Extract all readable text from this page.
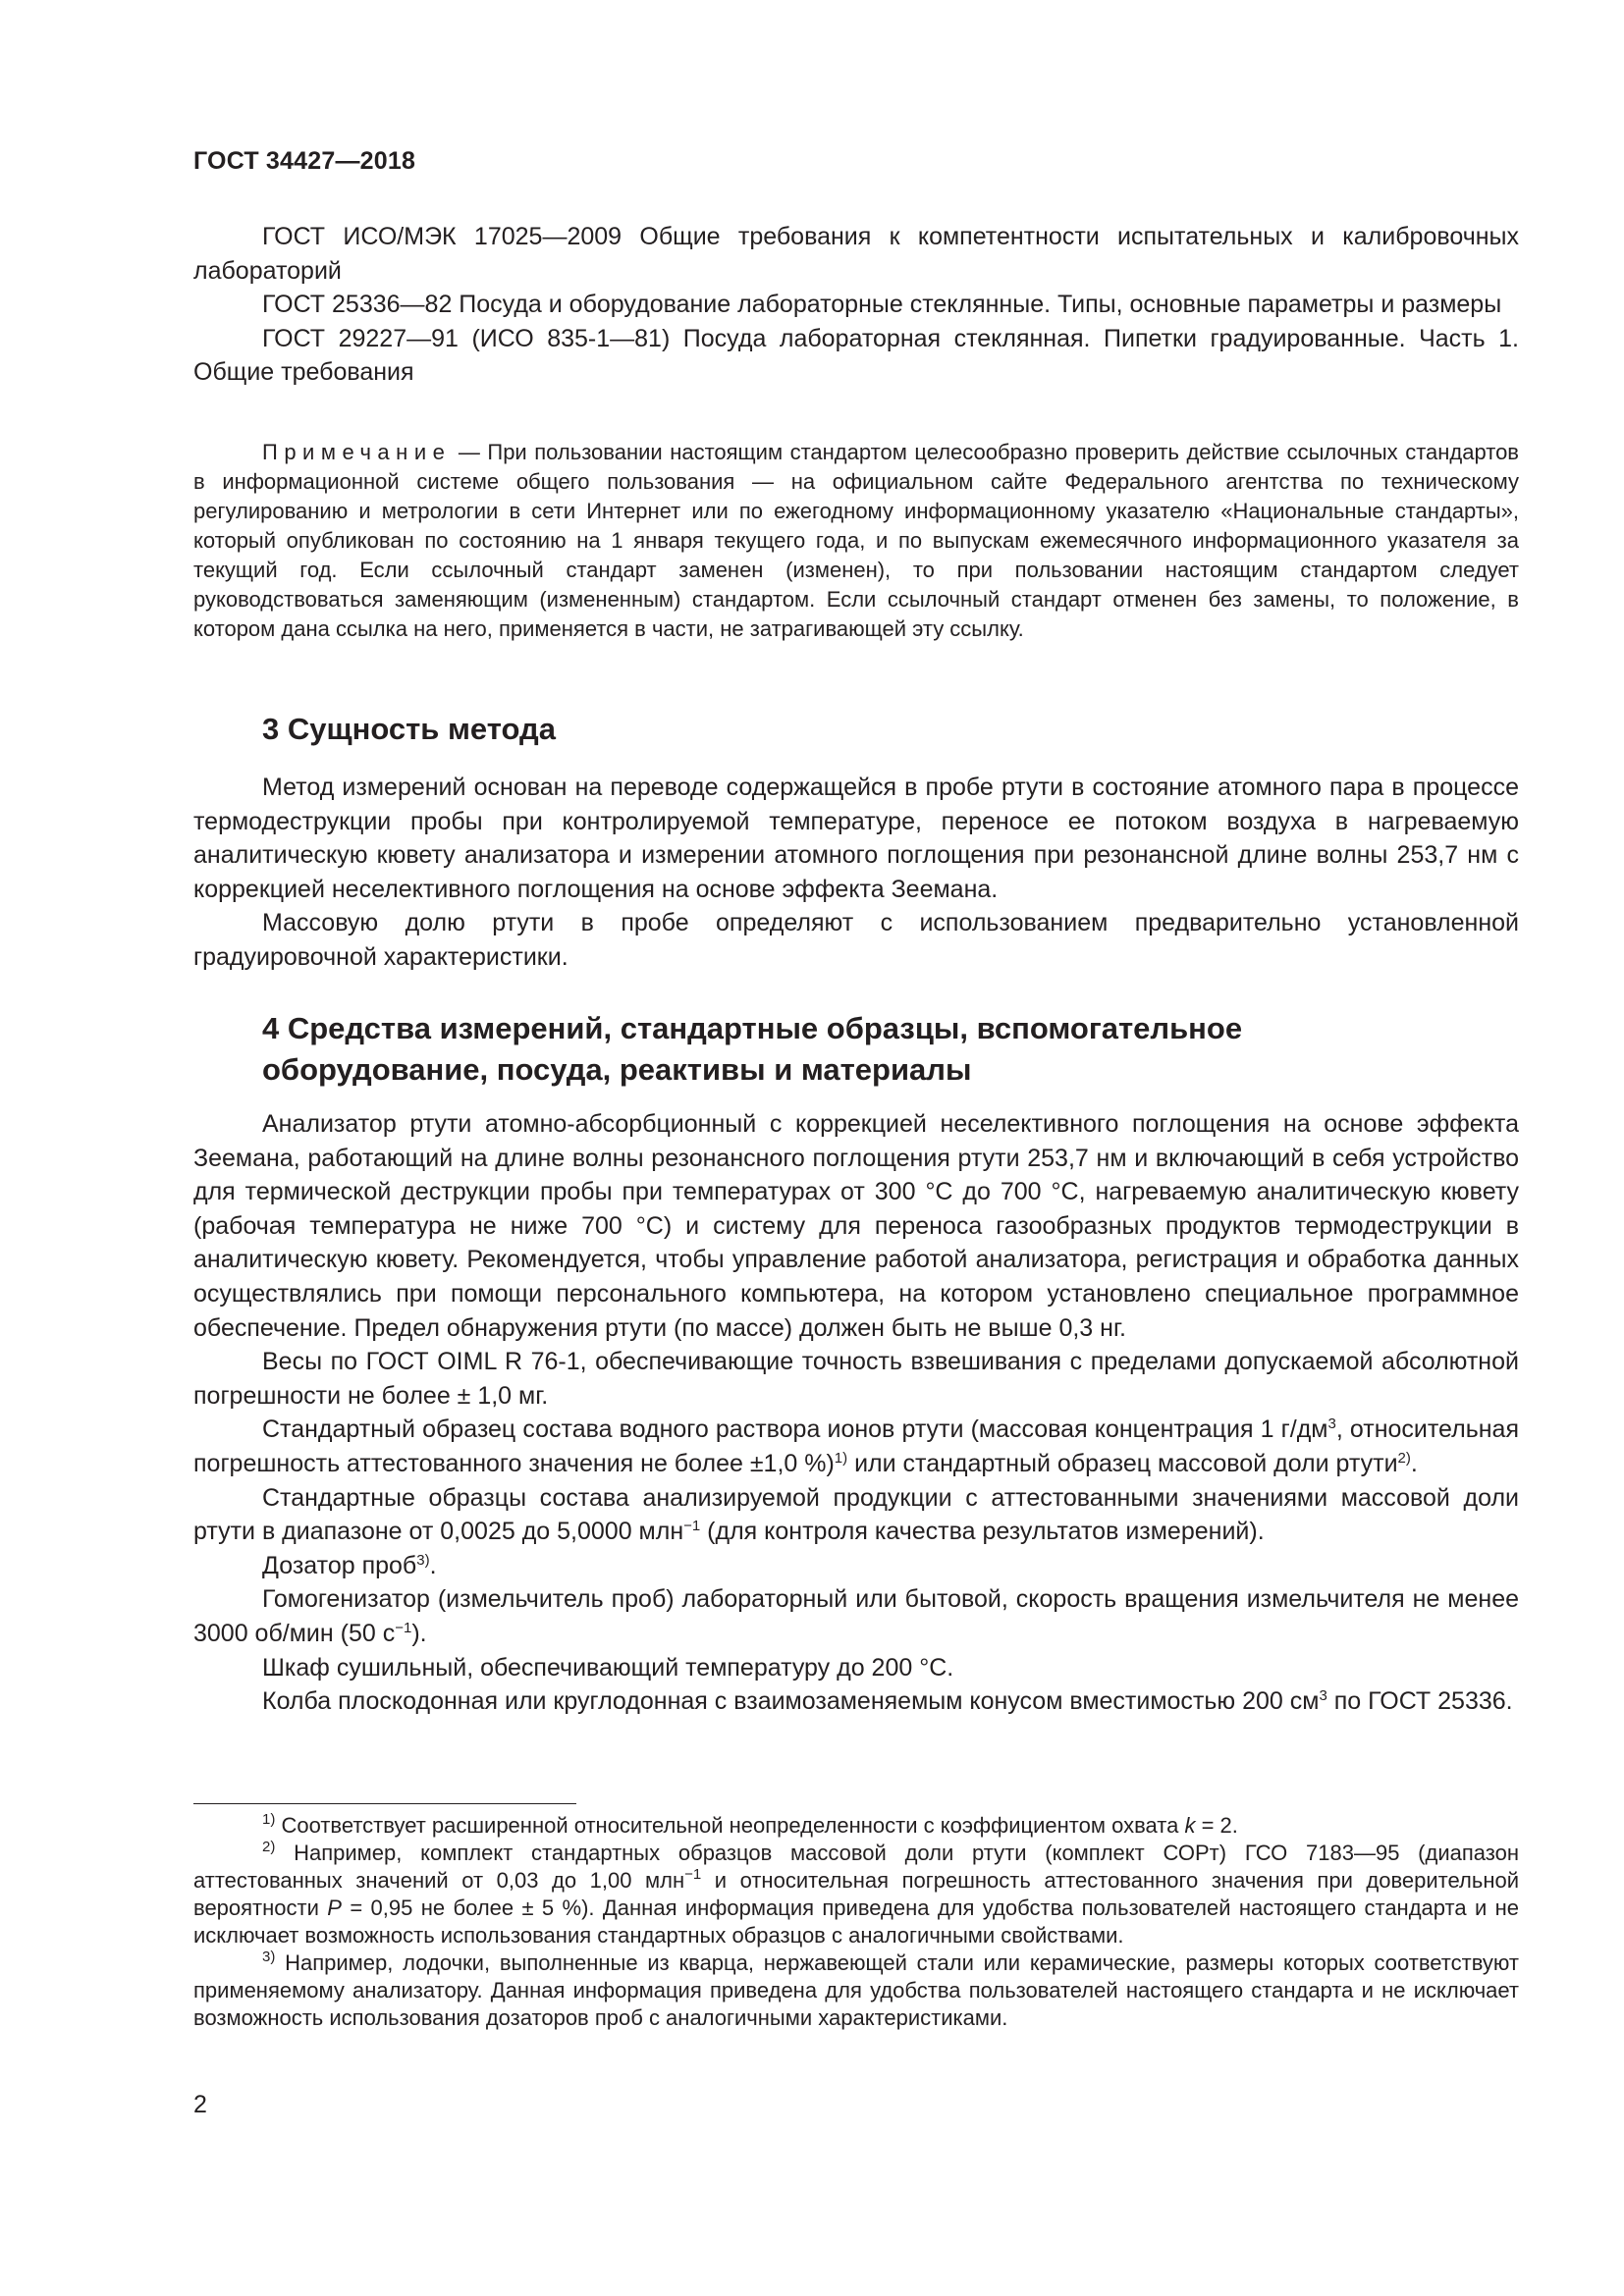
ГОСТ 34427—2018

ГОСТ ИСО/МЭК 17025—2009 Общие требования к компетентности испытательных и калибровочных лабораторий

ГОСТ 25336—82 Посуда и оборудование лабораторные стеклянные. Типы, основные параметры и размеры

ГОСТ 29227—91 (ИСО 835-1—81) Посуда лабораторная стеклянная. Пипетки градуированные. Часть 1. Общие требования

Примечание — При пользовании настоящим стандартом целесообразно проверить действие ссылочных стандартов в информационной системе общего пользования — на официальном сайте Федерального агентства по техническому регулированию и метрологии в сети Интернет или по ежегодному информационному указателю «Национальные стандарты», который опубликован по состоянию на 1 января текущего года, и по выпускам ежемесячного информационного указателя за текущий год. Если ссылочный стандарт заменен (изменен), то при пользовании настоящим стандартом следует руководствоваться заменяющим (измененным) стандартом. Если ссылочный стандарт отменен без замены, то положение, в котором дана ссылка на него, применяется в части, не затрагивающей эту ссылку.

3 Сущность метода

Метод измерений основан на переводе содержащейся в пробе ртути в состояние атомного пара в процессе термодеструкции пробы при контролируемой температуре, переносе ее потоком воздуха в нагреваемую аналитическую кювету анализатора и измерении атомного поглощения при резонансной длине волны 253,7 нм с коррекцией неселективного поглощения на основе эффекта Зеемана.

Массовую долю ртути в пробе определяют с использованием предварительно установленной градуировочной характеристики.

4 Средства измерений, стандартные образцы, вспомогательное
оборудование, посуда, реактивы и материалы

Анализатор ртути атомно-абсорбционный с коррекцией неселективного поглощения на основе эффекта Зеемана, работающий на длине волны резонансного поглощения ртути 253,7 нм и включающий в себя устройство для термической деструкции пробы при температурах от 300 °С до 700 °С, нагреваемую аналитическую кювету (рабочая температура не ниже 700 °С) и систему для переноса газообразных продуктов термодеструкции в аналитическую кювету. Рекомендуется, чтобы управление работой анализатора, регистрация и обработка данных осуществлялись при помощи персонального компьютера, на котором установлено специальное программное обеспечение. Предел обнаружения ртути (по массе) должен быть не выше 0,3 нг.

Весы по ГОСТ OIML R 76-1, обеспечивающие точность взвешивания с пределами допускаемой абсолютной погрешности не более ± 1,0 мг.

Стандартный образец состава водного раствора ионов ртути (массовая концентрация 1 $г/дм^3$, относительная погрешность аттестованного значения не более ±1,0 %)$^{1)}$ или стандартный образец массовой доли ртути$^{2)}$.

Стандартные образцы состава анализируемой продукции с аттестованными значениями массовой доли ртути в диапазоне от 0,0025 до 5,0000 млн$^{-1}$ (для контроля качества результатов измерений).

Дозатор проб$^{3)}$.

Гомогенизатор (измельчитель проб) лабораторный или бытовой, скорость вращения измельчителя не менее 3000 об/мин (50 $с^{-1}$).

Шкаф сушильный, обеспечивающий температуру до 200 °С.

Колба плоскодонная или круглодонная с взаимозаменяемым конусом вместимостью 200 $см^3$ по ГОСТ 25336.

$^{1)}$ Соответствует расширенной относительной неопределенности с коэффициентом охвата k = 2.

$^{2)}$ Например, комплект стандартных образцов массовой доли ртути (комплект СОРт) ГСО 7183—95 (диапазон аттестованных значений от 0,03 до 1,00 млн$^{-1}$ и относительная погрешность аттестованного значения при доверительной вероятности Р = 0,95 не более ± 5 %). Данная информация приведена для удобства пользователей настоящего стандарта и не исключает возможность использования стандартных образцов с аналогичными свойствами.

$^{3)}$ Например, лодочки, выполненные из кварца, нержавеющей стали или керамические, размеры которых соответствуют применяемому анализатору. Данная информация приведена для удобства пользователей настоящего стандарта и не исключает возможность использования дозаторов проб с аналогичными характеристиками.

2
